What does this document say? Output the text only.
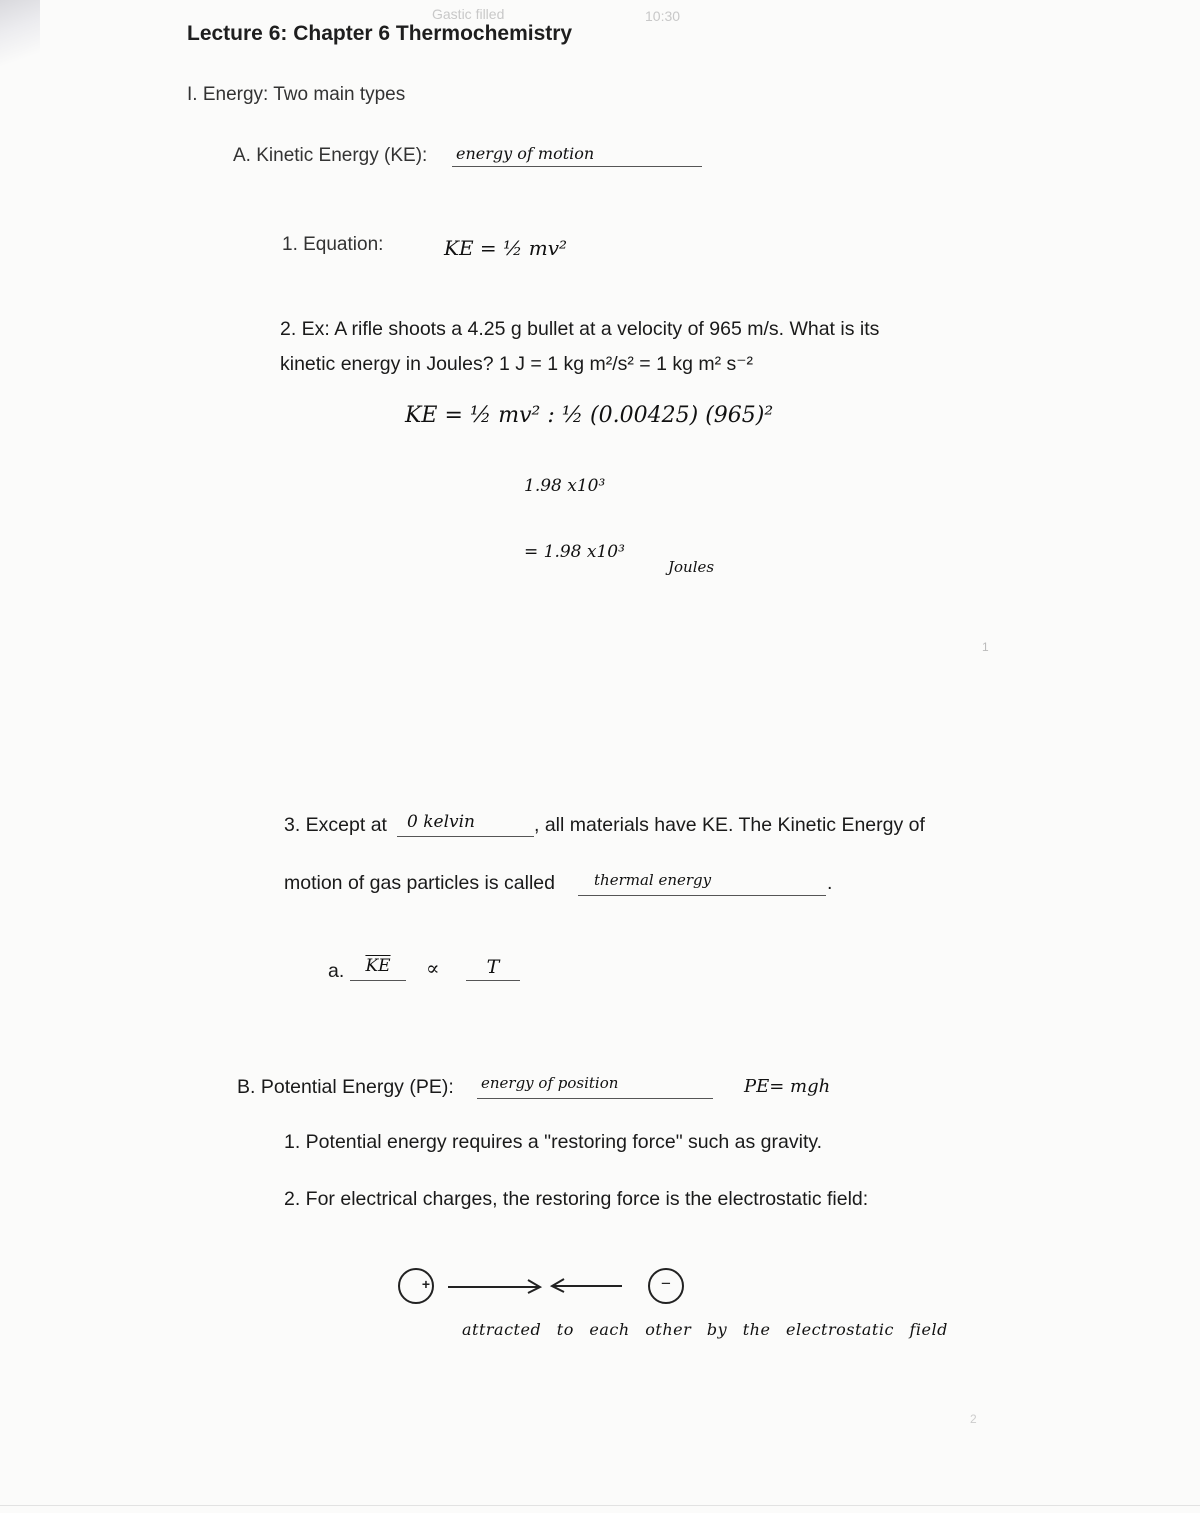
Gastic filled	10:30
Lecture 6: Chapter 6 Thermochemistry
I. Energy: Two main types
A. Kinetic Energy (KE): energy of motion
1. Equation:	KE = ½ mv²
2. Ex: A rifle shoots a 4.25 g bullet at a velocity of 965 m/s. What is its
kinetic energy in Joules? 1 J = 1 kg m²/s² = 1 kg m² s⁻²
KE = ½ mv² : ½ (0.00425) (965)²
1.98 x10³
= 1.98 x10³
Joules
1
3. Except at	0 kelvin	, all materials have KE. The Kinetic Energy of
motion of gas particles is called	thermal energy	.
a.	$\overline{KE}$	∝	T
B. Potential Energy (PE): energy of position	PE= mgh
1. Potential energy requires a "restoring force" such as gravity.
2. For electrical charges, the restoring force is the electrostatic field:
+	−
attracted to each other by the electrostatic field
2
